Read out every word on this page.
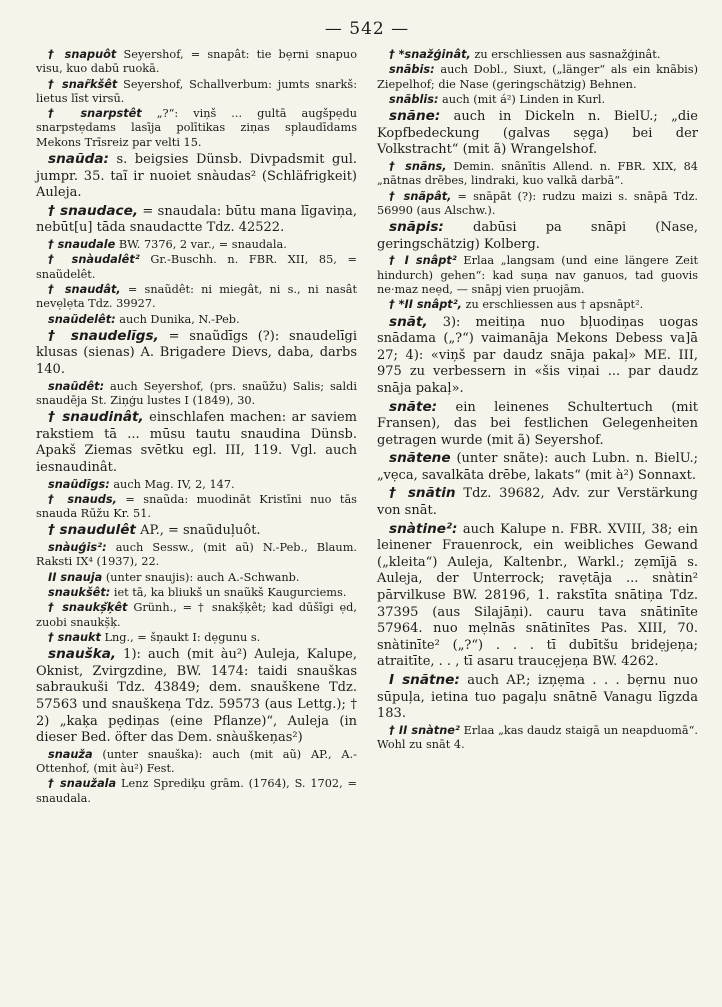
— 542 —

† snapuôt Seyershof, = snapât: tie bẹrni snapuo visu, kuo dabū ruokā.

† snar̃kšêt Seyershof, Schallverbum: jumts snarkš: lietus līst virsū.

† snarpstêt „?“: viņš ... gultā augšpẹdu snarpstẹdams lasīja polītikas ziņas sp̦laudīdams Mekons Trīsreiz par velti 15.

snaũda: s. beigsies Dünsb. Divpadsmit gul. jumpr. 35. taĩ ir nuoiet snàudas² (Schläfrigkeit) Auleja.

† snaudace, = snaudala: būtu mana līgaviņa, nebūt[u] tāda snaudactte Tdz. 42522.

† snaudale BW. 7376, 2 var., = snaudala.

† snàudalêt² Gr.-Buschh. n. FBR. XII, 85, = snaũdelêt.

† snaudât, = snaũdêt: ni miegât, ni s., ni nasât nevẹlẹta Tdz. 39927.

snaũdelêt: auch Dunika, N.-Peb.

† snaudelĩgs, = snaũdīgs (?): snaudelīgi klusas (sienas) A. Brigadere Dievs, daba, darbs 140.

snaũdêt: auch Seyershof, (prs. snaũžu) Salis; saldi snaudēja St. Ziņģu lustes I (1849), 30.

† snaudinât, einschlafen machen: ar saviem rakstiem tā ... mūsu tautu snaudina Dünsb. Apakš Ziemas svētku egl. III, 119. Vgl. auch iesnaudinât.

snaũdĩgs: auch Mag. IV, 2, 147.

† snauds, = snaũda: muodināt Kristīni nuo tās snauda Rūžu Kr. 51.

† snaudulêt AP., = snaũdul̦uôt.

snàuģis²: auch Sessw., (mit aũ) N.-Peb., Blaum. Raksti IX⁴ (1937), 22.

II snauja (unter snaujis): auch A.-Schwanb.

snaukšêt: iet tā, ka bliukš un snaũkš Kaugurciems.

† snaukș̌ķêt Grünh., = † snakș̌ķêt; kad dūšīgi ẹd, zuobi snaukș̌ķ.

† snaukt Lng., = šņaukt I: dẹgunu s.

snauška, 1): auch (mit àu²) Auleja, Kalupe, Oknist, Zvirgzdine, BW. 1474: taidi snauškas sabraukuši Tdz. 43849; dem. snauškene Tdz. 57563 und snauškeņa Tdz. 59573 (aus Lettg.); † 2) „kaķa pẹdiņas (eine Pflanze)“, Auleja (in dieser Bed. öfter das Dem. snàuškeņas²)

snauža (unter snauška): auch (mit aũ) AP., A.-Ottenhof, (mit àu²) Fest.

† snaužala Lenz Sprediķu grām. (1764), S. 1702, = snaudala.

† *snažģinât, zu erschliessen aus sasnažģinât.

snãbis: auch Dobl., Siuxt, („länger“ als ein knãbis) Ziepelhof; die Nase (geringschätzig) Behnen.

snãblis: auch (mit á²) Linden in Kurl.

snãne: auch in Dickeln n. BielU.; „die Kopfbedeckung (galvas sẹga) bei der Volkstracht“ (mit ã) Wrangelshof.

† snãns, Demin. snãnītis Allend. n. FBR. XIX, 84 „nātnas drēbes, lindraki, kuo valkā darbā“.

† snãpât, = snāpāt (?): rudzu maizi s. snāpā Tdz. 56990 (aus Alschw.).

snãpis: dabūsi pa snāpi (Nase, geringschätzig) Kolberg.

† I snâpt² Erlaa „langsam (und eine längere Zeit hindurch) gehen“: kad suņa nav ganuos, tad guovis ne·maz neẹd, — snāpj vien pruojām.

† *II snâpt², zu erschliessen aus † apsnāpt².

snãt, 3): meitiņa nuo bļuodiņas uogas snādama („?“) vaimanāja Mekons Debess va]ā 27; 4): «viņš par daudz snāja pakaļ» ME. III, 975 zu verbessern in «šis viņai ... par daudz snāja pakaļ».

snãte: ein leinenes Schultertuch (mit Fransen), das bei festlichen Gelegenheiten getragen wurde (mit ã) Seyershof.

snãtene (unter snãte): auch Lubn. n. BielU.; „vẹca, savalkāta drēbe, lakats“ (mit à²) Sonnaxt.

† snãtin Tdz. 39682, Adv. zur Verstärkung von snāt.

snàtine²: auch Kalupe n. FBR. XVIII, 38; ein leinener Frauenrock, ein weibliches Gewand („kleita“) Auleja, Kaltenbr., Warkl.; zẹmījā s. Auleja, der Unterrock; ravẹtāja ... snàtin² pārvilkuse BW. 28196, 1. rakstīta snātiņa Tdz. 37395 (aus Silajāņi). cauru tava snātinīte 57964. nuo mẹlnās snātinītes Pas. XIII, 70. snàtinīte² („?“) . . . tī dubītšu bridẹjeņa; atraitīte, . . , tī asaru traucẹjeņa BW. 4262.

I snãtne: auch AP.; izņẹma . . . bẹrnu nuo sūpuļa, ietina tuo pagaļu snātnē Vanagu līgzda 183.

† II snàtne² Erlaa „kas daudz staigā un neapduomā“. Wohl zu snāt 4.
